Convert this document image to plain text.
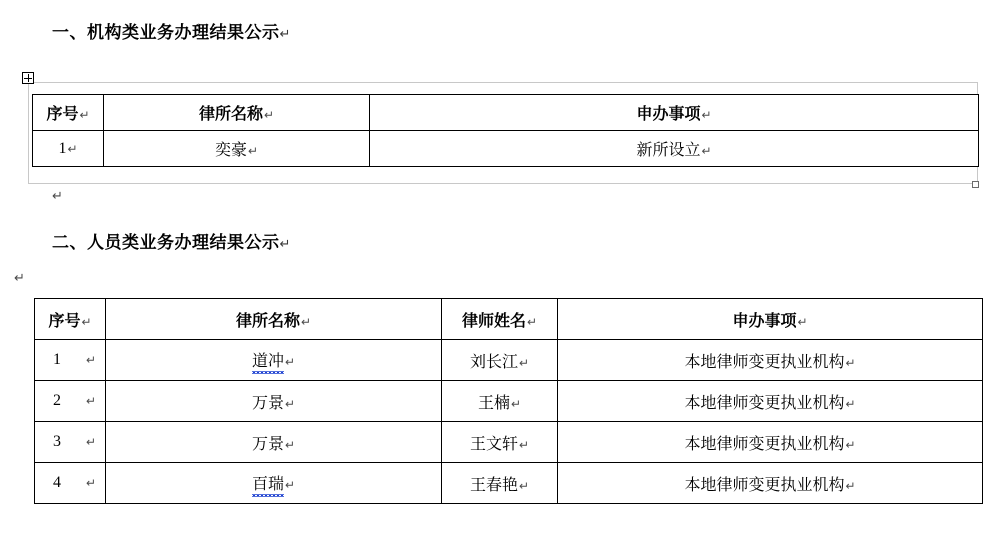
一、机构类业务办理结果公示↵
序号↵	律所名称↵	申办事项↵

1↵	奕豪↵	新所设立↵
↵
二、人员类业务办理结果公示↵
↵
序号↵	律所名称↵	律师姓名↵	申办事项↵

1 ↵	道冲↵	刘长江↵	本地律师变更执业机构↵

2 ↵	万景↵	王楠↵	本地律师变更执业机构↵

3 ↵	万景↵	王文轩↵	本地律师变更执业机构↵

4 ↵	百瑞↵	王春艳↵	本地律师变更执业机构↵
